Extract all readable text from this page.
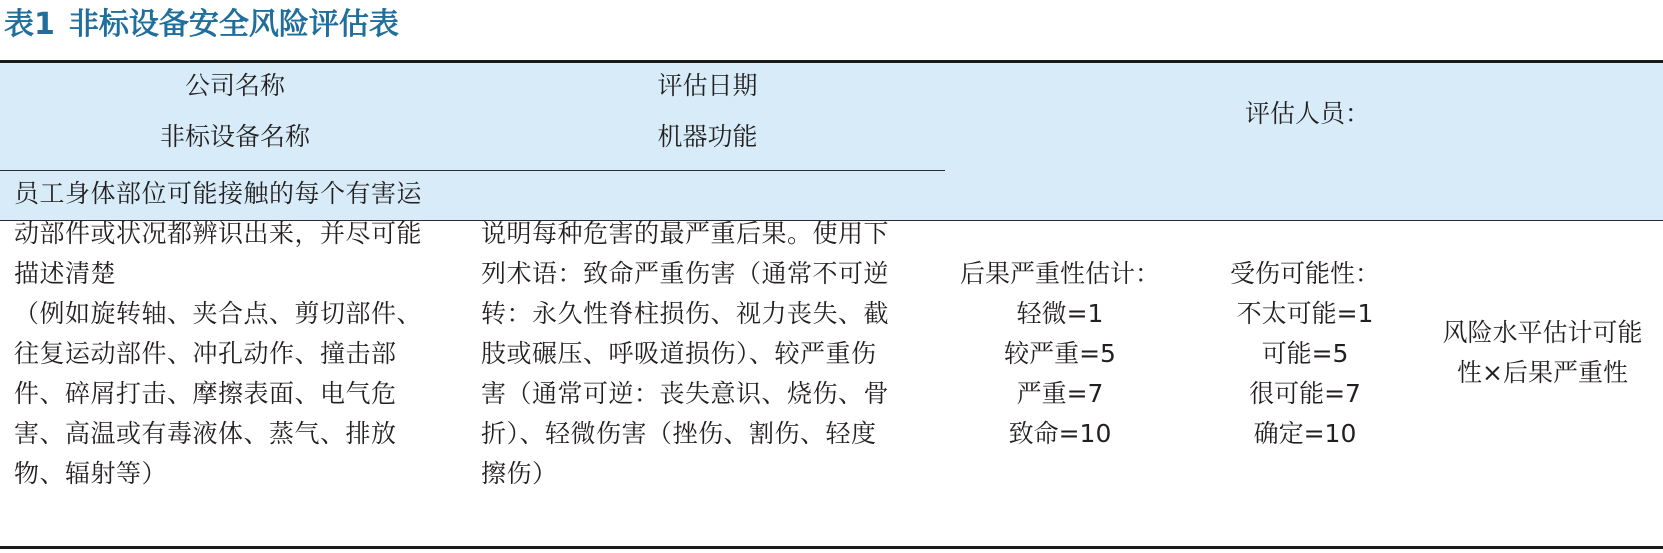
表1 非标设备安全风险评估表
公司名称	评估日期
非标设备名称	机器功能
评估人员：
员工身体部位可能接触的每个有害运
动部件或状况都辨识出来，并尽可能
描述清楚
（例如旋转轴、夹合点、剪切部件、
往复运动部件、冲孔动作、撞击部
件、碎屑打击、摩擦表面、电气危
害、高温或有毒液体、蒸气、排放
物、辐射等）
说明每种危害的最严重后果。使用下
列术语：致命严重伤害（通常不可逆
转：永久性脊柱损伤、视力丧失、截
肢或碾压、呼吸道损伤）、较严重伤
害（通常可逆：丧失意识、烧伤、骨
折）、轻微伤害（挫伤、割伤、轻度
擦伤）
后果严重性估计：
轻微=1
较严重=5
严重=7
致命=10
受伤可能性：
不太可能=1
可能=5
很可能=7
确定=10
风险水平估计可能
性×后果严重性
